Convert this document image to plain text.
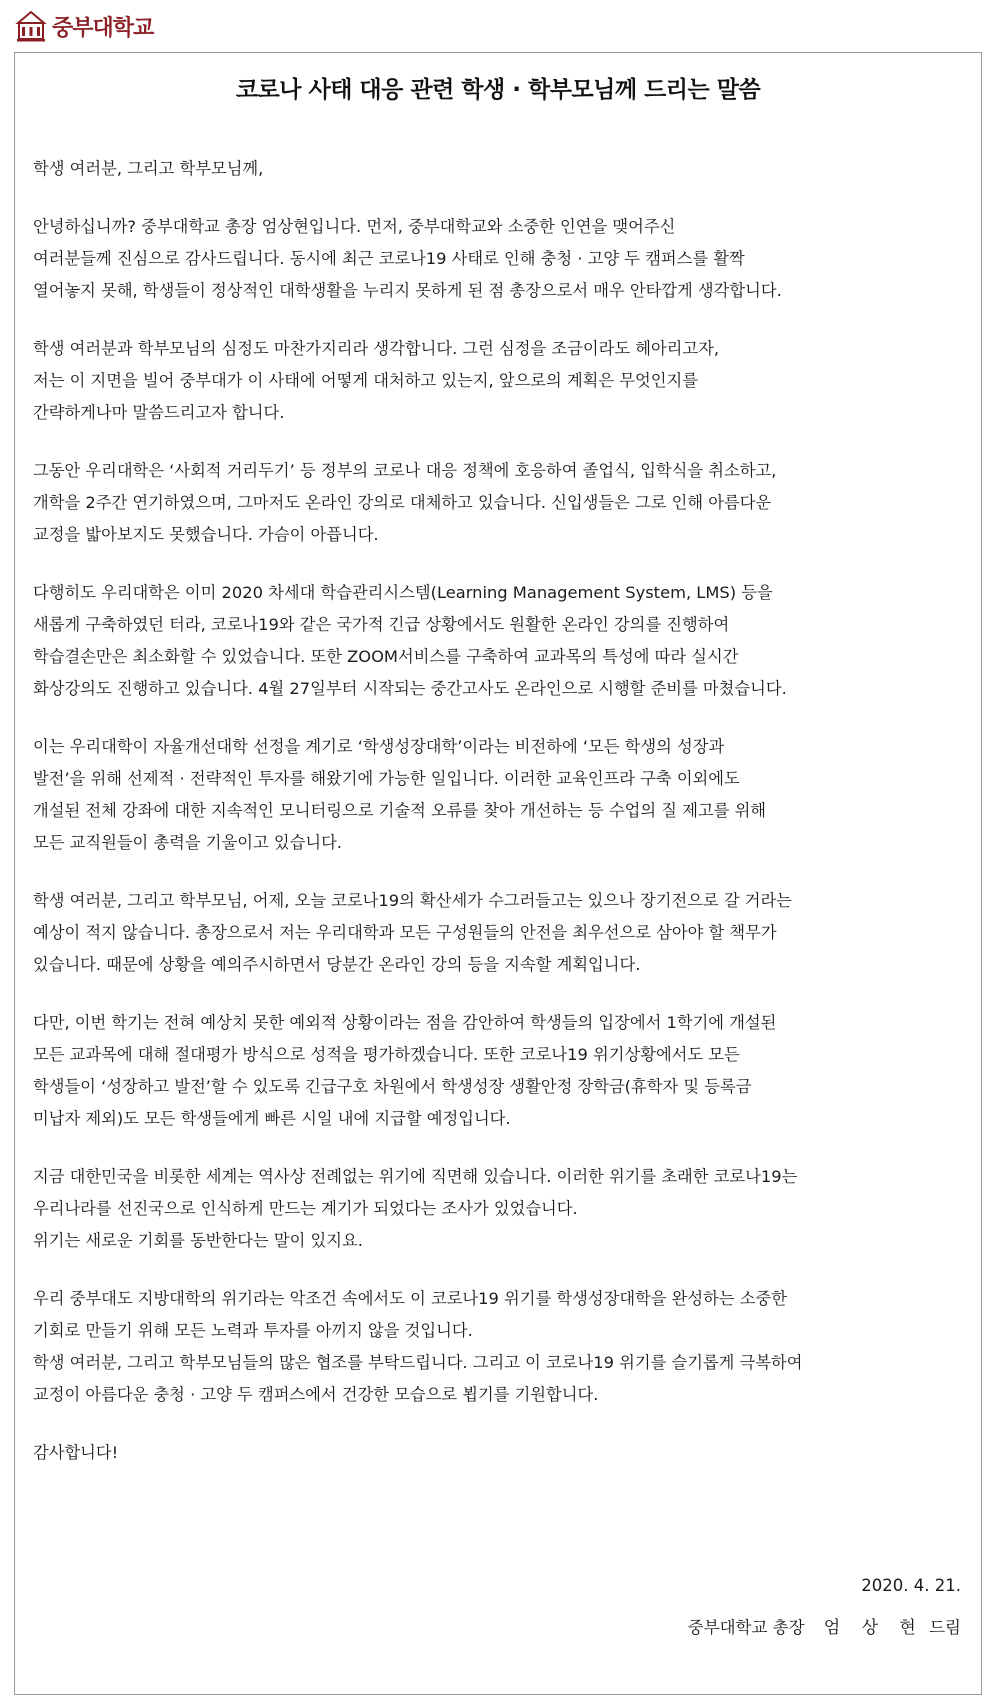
중부대학교
코로나 사태 대응 관련 학생 · 학부모님께 드리는 말씀
학생 여러분, 그리고 학부모님께,
안녕하십니까? 중부대학교 총장 엄상현입니다. 먼저, 중부대학교와 소중한 인연을 맺어주신
여러분들께 진심으로 감사드립니다. 동시에 최근 코로나19 사태로 인해 충청 · 고양 두 캠퍼스를 활짝
열어놓지 못해, 학생들이 정상적인 대학생활을 누리지 못하게 된 점 총장으로서 매우 안타깝게 생각합니다.
학생 여러분과 학부모님의 심정도 마찬가지리라 생각합니다. 그런 심정을 조금이라도 헤아리고자,
저는 이 지면을 빌어 중부대가 이 사태에 어떻게 대처하고 있는지, 앞으로의 계획은 무엇인지를
간략하게나마 말씀드리고자 합니다.
그동안 우리대학은 ‘사회적 거리두기’ 등 정부의 코로나 대응 정책에 호응하여 졸업식, 입학식을 취소하고,
개학을 2주간 연기하였으며, 그마저도 온라인 강의로 대체하고 있습니다. 신입생들은 그로 인해 아름다운
교정을 밟아보지도 못했습니다. 가슴이 아픕니다.
다행히도 우리대학은 이미 2020 차세대 학습관리시스템(Learning Management System, LMS) 등을
새롭게 구축하였던 터라, 코로나19와 같은 국가적 긴급 상황에서도 원활한 온라인 강의를 진행하여
학습결손만은 최소화할 수 있었습니다. 또한 ZOOM서비스를 구축하여 교과목의 특성에 따라 실시간
화상강의도 진행하고 있습니다. 4월 27일부터 시작되는 중간고사도 온라인으로 시행할 준비를 마쳤습니다.
이는 우리대학이 자율개선대학 선정을 계기로 ‘학생성장대학’이라는 비전하에 ‘모든 학생의 성장과
발전’을 위해 선제적 · 전략적인 투자를 해왔기에 가능한 일입니다. 이러한 교육인프라 구축 이외에도
개설된 전체 강좌에 대한 지속적인 모니터링으로 기술적 오류를 찾아 개선하는 등 수업의 질 제고를 위해
모든 교직원들이 총력을 기울이고 있습니다.
학생 여러분, 그리고 학부모님, 어제, 오늘 코로나19의 확산세가 수그러들고는 있으나 장기전으로 갈 거라는
예상이 적지 않습니다. 총장으로서 저는 우리대학과 모든 구성원들의 안전을 최우선으로 삼아야 할 책무가
있습니다. 때문에 상황을 예의주시하면서 당분간 온라인 강의 등을 지속할 계획입니다.
다만, 이번 학기는 전혀 예상치 못한 예외적 상황이라는 점을 감안하여 학생들의 입장에서 1학기에 개설된
모든 교과목에 대해 절대평가 방식으로 성적을 평가하겠습니다. 또한 코로나19 위기상황에서도 모든
학생들이 ‘성장하고 발전’할 수 있도록 긴급구호 차원에서 학생성장 생활안정 장학금(휴학자 및 등록금
미납자 제외)도 모든 학생들에게 빠른 시일 내에 지급할 예정입니다.
지금 대한민국을 비롯한 세계는 역사상 전례없는 위기에 직면해 있습니다. 이러한 위기를 초래한 코로나19는
우리나라를 선진국으로 인식하게 만드는 계기가 되었다는 조사가 있었습니다.
위기는 새로운 기회를 동반한다는 말이 있지요.
우리 중부대도 지방대학의 위기라는 악조건 속에서도 이 코로나19 위기를 학생성장대학을 완성하는 소중한
기회로 만들기 위해 모든 노력과 투자를 아끼지 않을 것입니다.
학생 여러분, 그리고 학부모님들의 많은 협조를 부탁드립니다. 그리고 이 코로나19 위기를 슬기롭게 극복하여
교정이 아름다운 충청 · 고양 두 캠퍼스에서 건강한 모습으로 뵙기를 기원합니다.
감사합니다!
2020. 4. 21.
중부대학교 총장 엄 상 현 드림
